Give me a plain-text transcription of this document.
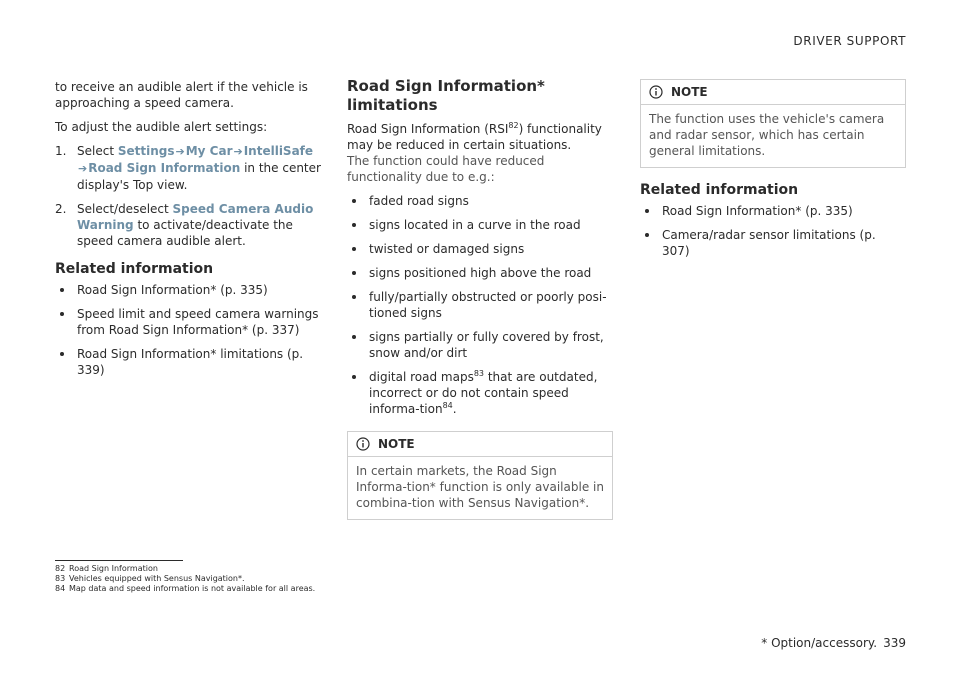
DRIVER SUPPORT

to receive an audible alert if the vehicle is approaching a speed camera.

To adjust the audible alert settings:

1. Select Settings➔My Car➔IntelliSafe
➔Road Sign Information in the center display's Top view.
2. Select/deselect Speed Camera Audio Warning to activate/deactivate the speed camera audible alert.
Related information
Road Sign Information* (p. 335)
Speed limit and speed camera warnings from Road Sign Information* (p. 337)
Road Sign Information* limitations (p. 339)
Road Sign Information* limitations
Road Sign Information (RSI$^{82}$) functionality may be reduced in certain situations.

The function could have reduced functionality due to e.g.:

faded road signs
signs located in a curve in the road
twisted or damaged signs
signs positioned high above the road
fully/partially obstructed or poorly posi-tioned signs
signs partially or fully covered by frost, snow and/or dirt
digital road maps$^{83}$ that are outdated, incorrect or do not contain speed informa-tion$^{84}$.
NOTE
In certain markets, the Road Sign Informa-tion* function is only available in combina-tion with Sensus Navigation*.
NOTE
The function uses the vehicle's camera and radar sensor, which has certain general limitations.
Related information
Road Sign Information* (p. 335)
Camera/radar sensor limitations (p. 307)
82 Road Sign Information
83 Vehicles equipped with Sensus Navigation*.
84 Map data and speed information is not available for all areas.
* Option/accessory. 339
